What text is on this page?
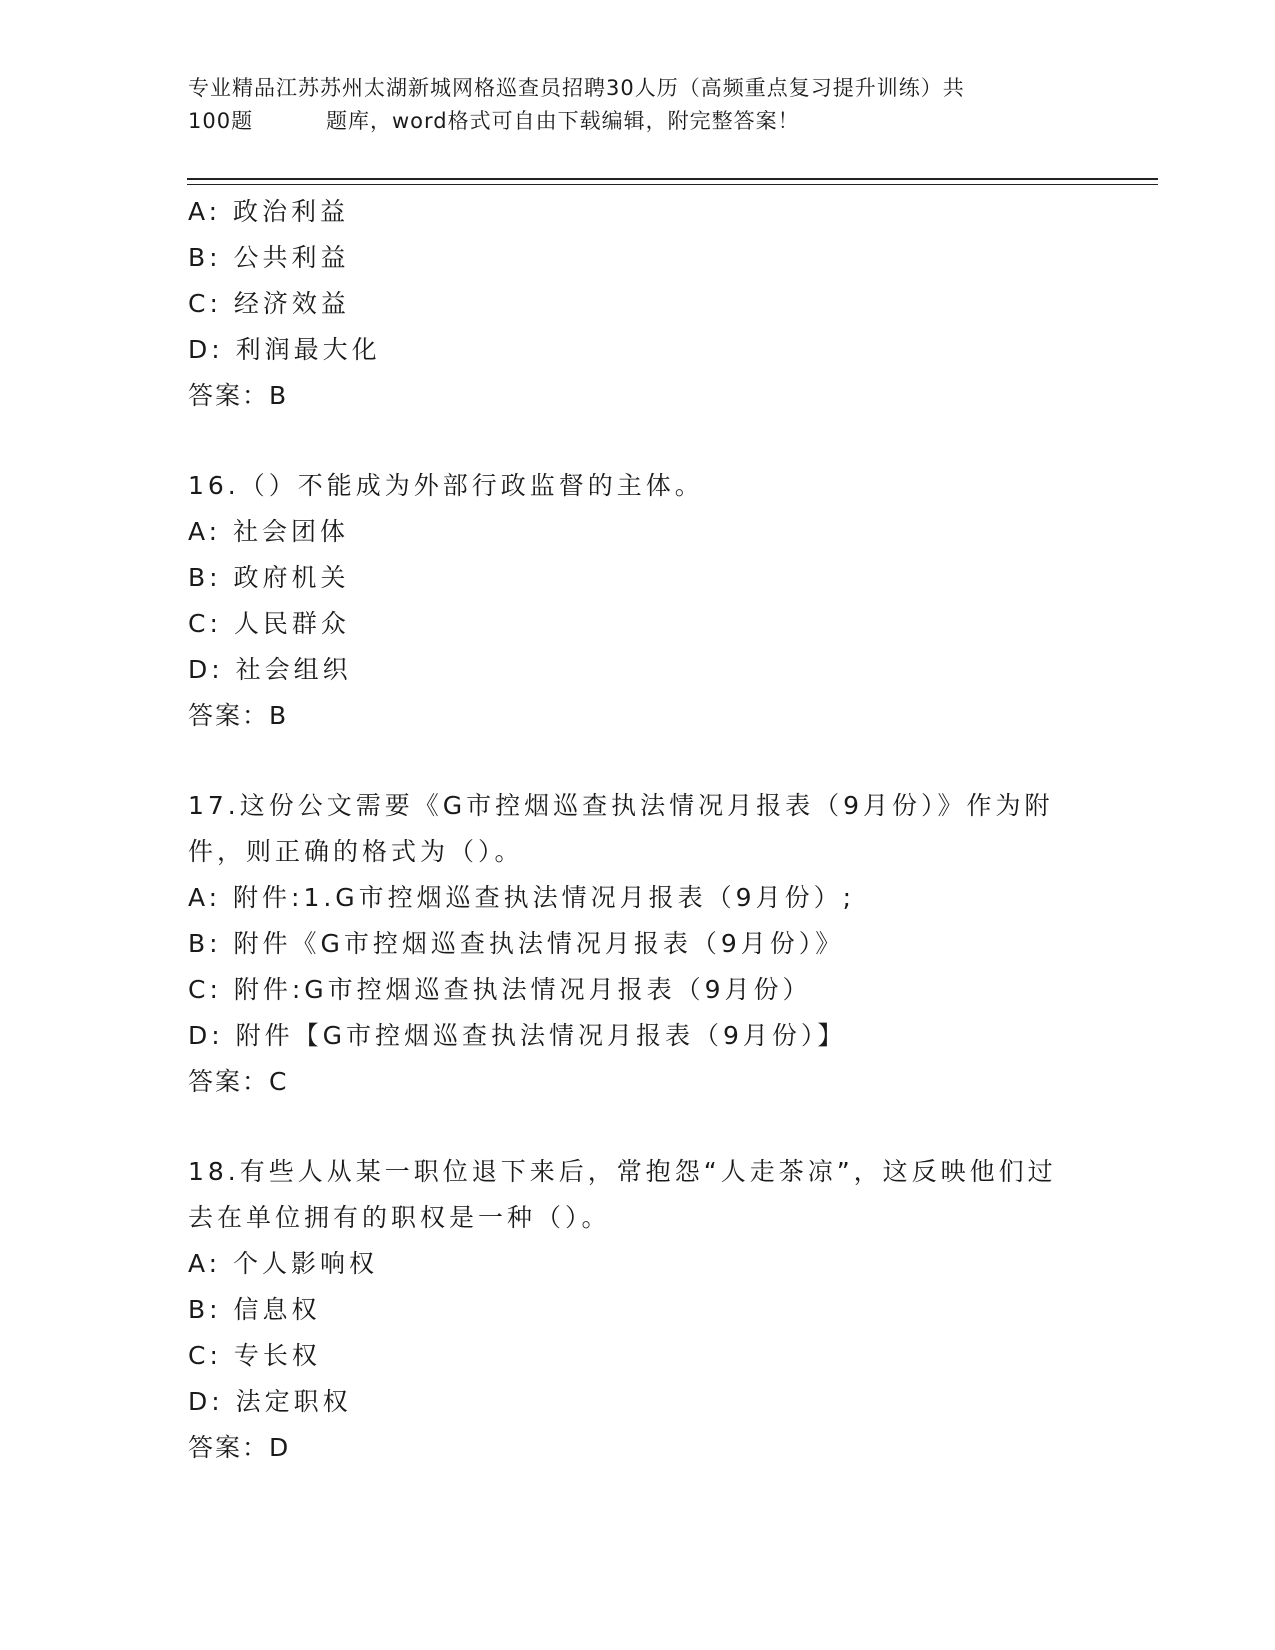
专业精品江苏苏州太湖新城网格巡查员招聘30人历（高频重点复习提升训练）共
100题	题库，word格式可自由下载编辑，附完整答案！
A: 政治利益
B: 公共利益
C: 经济效益
D: 利润最大化
答案：B
16.（）不能成为外部行政监督的主体。
A: 社会团体
B: 政府机关
C: 人民群众
D: 社会组织
答案：B
17.这份公文需要《G市控烟巡查执法情况月报表（9月份）》作为附
件，则正确的格式为（）。
A: 附件:1.G市控烟巡查执法情况月报表（9月份）;
B: 附件《G市控烟巡查执法情况月报表（9月份）》
C: 附件:G市控烟巡查执法情况月报表（9月份）
D: 附件【G市控烟巡查执法情况月报表（9月份）】
答案：C
18.有些人从某一职位退下来后，常抱怨“人走茶凉”，这反映他们过
去在单位拥有的职权是一种（）。
A: 个人影响权
B: 信息权
C: 专长权
D: 法定职权
答案：D
